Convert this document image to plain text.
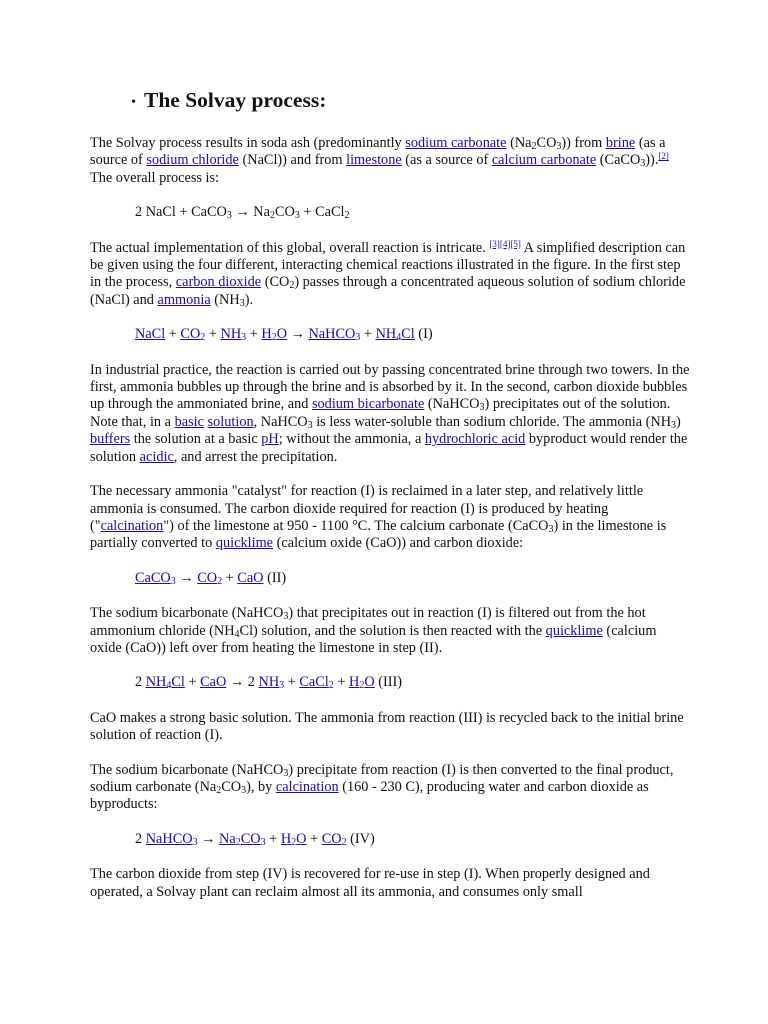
• The Solvay process:

The Solvay process results in soda ash (predominantly sodium carbonate $(Na_2CO_3)$) from brine (as a source of sodium chloride (NaCl)) and from limestone (as a source of calcium carbonate (CaCO$_3$)).[2] The overall process is:

2 NaCl + CaCO$_3$ → $Na_2CO_3$ + CaCl$_2$

The actual implementation of this global, overall reaction is intricate. [3][4][5] A simplified description can be given using the four different, interacting chemical reactions illustrated in the figure. In the first step in the process, carbon dioxide $(CO_2)$ passes through a concentrated aqueous solution of sodium chloride (NaCl) and ammonia $(NH_3)$.

NaCl + $CO_2 + NH_3 + H_2O$ → NaHCO$_3$ + $NH_4Cl$ (I)

In industrial practice, the reaction is carried out by passing concentrated brine through two towers. In the first, ammonia bubbles up through the brine and is absorbed by it. In the second, carbon dioxide bubbles up through the ammoniated brine, and sodium bicarbonate (NaHCO$_3$) precipitates out of the solution. Note that, in a basic solution, NaHCO$_3$ is less water-soluble than sodium chloride. The ammonia $(NH_3)$ buffers the solution at a basic pH; without the ammonia, a hydrochloric acid byproduct would render the solution acidic, and arrest the precipitation.

The necessary ammonia "catalyst" for reaction (I) is reclaimed in a later step, and relatively little ammonia is consumed. The carbon dioxide required for reaction (I) is produced by heating ("calcination") of the limestone at 950 - 1100 °C. The calcium carbonate (CaCO$_3$) in the limestone is partially converted to quicklime (calcium oxide (CaO)) and carbon dioxide:

CaCO$_3$ → $CO_2$ + CaO (II)

The sodium bicarbonate (NaHCO$_3$) that precipitates out in reaction (I) is filtered out from the hot ammonium chloride $(NH_4Cl)$ solution, and the solution is then reacted with the quicklime (calcium oxide (CaO)) left over from heating the limestone in step (II).

2 $NH_4Cl$ + CaO → 2 $NH_3$ + CaCl$_2$ + $H_2O$ (III)

CaO makes a strong basic solution. The ammonia from reaction (III) is recycled back to the initial brine solution of reaction (I).

The sodium bicarbonate (NaHCO$_3$) precipitate from reaction (I) is then converted to the final product, sodium carbonate $(Na_2CO_3)$, by calcination (160 - 230 C), producing water and carbon dioxide as byproducts:

2 NaHCO$_3$ → $Na_2CO_3 + H_2O + CO_2$ (IV)

The carbon dioxide from step (IV) is recovered for re-use in step (I). When properly designed and operated, a Solvay plant can reclaim almost all its ammonia, and consumes only small
